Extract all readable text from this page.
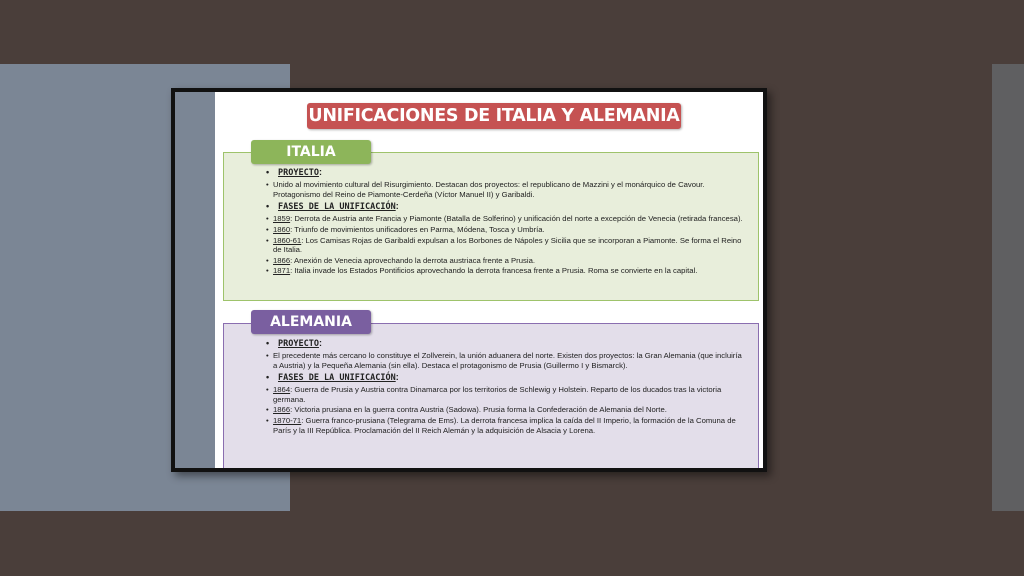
UNIFICACIONES DE ITALIA Y ALEMANIA
• PROYECTO:
• Unido al movimiento cultural del Risurgimiento. Destacan dos proyectos: el republicano de Mazzini y el monárquico de Cavour. Protagonismo del Reino de Piamonte-Cerdeña (Víctor Manuel II) y Garibaldi.
• FASES DE LA UNIFICACIÓN:
• 1859: Derrota de Austria ante Francia y Piamonte (Batalla de Solferino) y unificación del norte a excepción de Venecia (retirada francesa).
• 1860: Triunfo de movimientos unificadores en Parma, Módena, Tosca y Umbría.
• 1860-61: Los Camisas Rojas de Garibaldi expulsan a los Borbones de Nápoles y Sicilia que se incorporan a Piamonte. Se forma el Reino de Italia.
• 1866: Anexión de Venecia aprovechando la derrota austriaca frente a Prusia.
• 1871: Italia invade los Estados Pontificios aprovechando la derrota francesa frente a Prusia. Roma se convierte en la capital.
ITALIA
• PROYECTO:
• El precedente más cercano lo constituye el Zollverein, la unión aduanera del norte. Existen dos proyectos: la Gran Alemania (que incluiría a Austria) y la Pequeña Alemania (sin ella). Destaca el protagonismo de Prusia (Guillermo I y Bismarck).
• FASES DE LA UNIFICACIÓN:
• 1864: Guerra de Prusia y Austria contra Dinamarca por los territorios de Schlewig y Holstein. Reparto de los ducados tras la victoria germana.
• 1866: Victoria prusiana en la guerra contra Austria (Sadowa). Prusia forma la Confederación de Alemania del Norte.
• 1870-71: Guerra franco-prusiana (Telegrama de Ems). La derrota francesa implica la caída del II Imperio, la formación de la Comuna de París y la III República. Proclamación del II Reich Alemán y la adquisición de Alsacia y Lorena.
ALEMANIA
